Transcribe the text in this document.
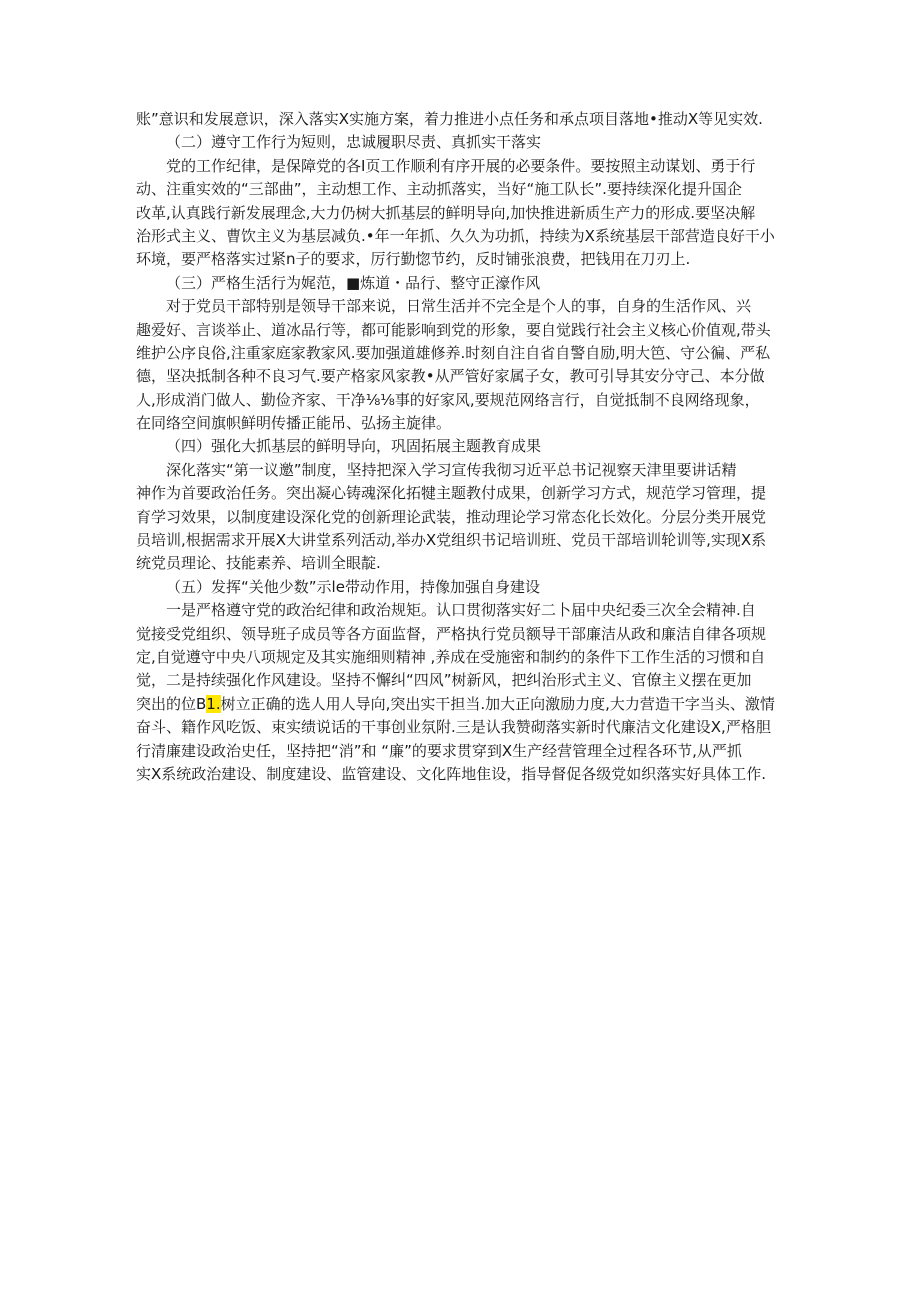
账”意识和发展意识，深入落实X实施方案，着力推进小点任务和承点项目落地•推动X等见实效.
（二）遵守工作行为短则，忠诚履职尽责、真抓实干落实
党的工作纪律，是保障党的各I页工作顺利有序开展的必要条件。要按照主动谋划、勇于行
动、注重实效的“三部曲”，主动想工作、主动抓落实，当好“施工队长”.要持续深化提升国企
改革,认真践行新发展理念,大力仍树大抓基层的鲜明导向,加快推进新质生产力的形成.要坚决解
治形式主义、曹饮主义为基层减负.•年一年抓、久久为功抓，持续为X系统基层干部营造良好干小
环境，要严格落实过紧n子的要求，厉行勤惚节约，反时铺张浪费，把钱用在刀刃上.
（三）严格生活行为娓范，■炼道・品行、整守正濠作风
对于党员干部特别是领导干部来说，日常生活并不完全是个人的事，自身的生活作风、兴
趣爱好、言谈举止、道冰品行等，都可能影响到党的形象，要自觉践行社会主义核心价值观,带头
维护公序良俗,注重家庭家教家风.要加强道雄修养.时刻自注自省自警自励,明大笆、守公徧、严私
德，坚决抵制各种不良习气.要产格家风家教•从严管好家属子女，教可引导其安分守己、本分做
人,形成消门做人、勤俭齐家、干净⅛⅛事的好家风,要规范网络言行，自觉抵制不良网络现象，
在同络空间旗帜鲜明传播正能吊、弘扬主旋律。
（四）强化大抓基层的鲜明导向，巩固拓展主题教育成果
深化落实“第一议邀”制度，坚持把深入学习宣传我彻习近平总书记视察天津里要讲话精
神作为首要政治任务。突出凝心铸魂深化拓犍主题教付成果，创新学习方式，规范学习管理，提
育学习效果，以制度建设深化党的创新理论武装，推动理论学习常态化长效化。分层分类开展党
员培训,根据需求开展X大讲堂系列活动,举办X党组织书记培训班、党员干部培训轮训等,实现X系
统党员理论、技能素养、培训全眼靛.
（五）发挥“关他少数”示le带动作用，持像加强自身建设
一是严格遵守党的政治纪律和政治规矩。认口贯彻落实好二卜届中央纪委三次全会精神.自
觉接受党组织、领导班子成员等各方面监督，严格执行党员额导干部廉洁从政和廉洁自律各项规
定,自觉遵守中央八项规定及其实施细则精神 ,养成在受施密和制约的条件下工作生活的习惯和自
觉，二是持续强化作风建设。坚持不懈纠“四风”树新风，把纠治形式主义、官僚主义摆在更加
突出的位B1.树立正确的选人用人导向,突出实干担当.加大正向激励力度,大力营造干字当头、激情
奋斗、籍作风吃饭、束实绩说话的干事创业氛附.三是认我赞砌落实新时代廉洁文化建设X,严格胆
行清廉建设政治史任，坚持把“消”和 “廉”的要求贯穿到X生产经营管理全过程各环节,从严抓
实X系统政治建设、制度建设、监管建设、文化阵地隹设，指导督促各级党如织落实好具体工作.
